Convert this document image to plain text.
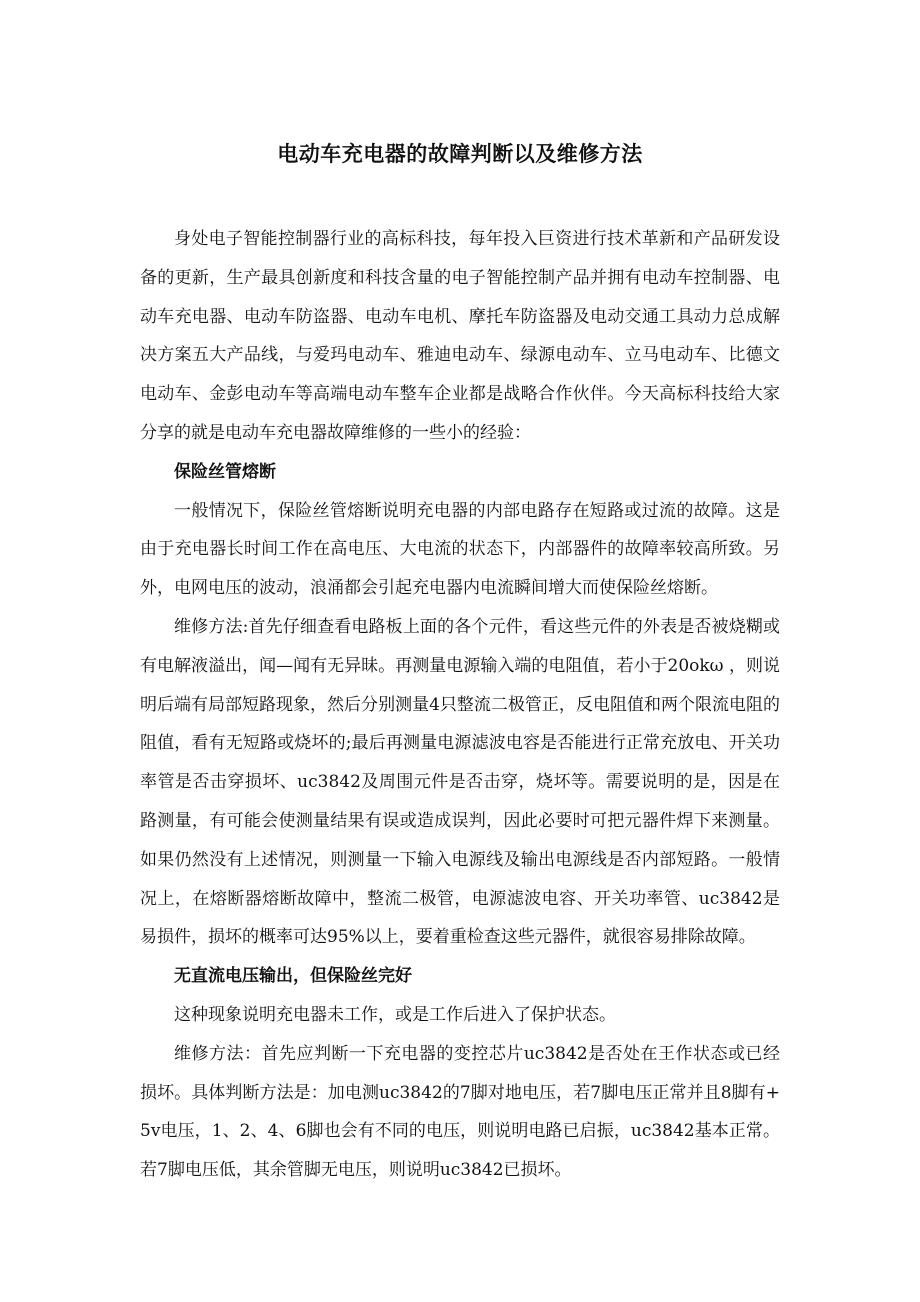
电动车充电器的故障判断以及维修方法

身处电子智能控制器行业的高标科技，每年投入巨资进行技术革新和产品研发设备的更新，生产最具创新度和科技含量的电子智能控制产品并拥有电动车控制器、电动车充电器、电动车防盗器、电动车电机、摩托车防盗器及电动交通工具动力总成解决方案五大产品线，与爱玛电动车、雅迪电动车、绿源电动车、立马电动车、比德文电动车、金彭电动车等高端电动车整车企业都是战略合作伙伴。今天高标科技给大家分享的就是电动车充电器故障维修的一些小的经验：

保险丝管熔断

一般情况下，保险丝管熔断说明充电器的内部电路存在短路或过流的故障。这是由于充电器长时间工作在高电压、大电流的状态下，内部器件的故障率较高所致。另外，电网电压的波动，浪涌都会引起充电器内电流瞬间增大而使保险丝熔断。

维修方法:首先仔细查看电路板上面的各个元件，看这些元件的外表是否被烧糊或有电解液溢出，闻—闻有无异昧。再测量电源输入端的电阻值，若小于20okω ，则说明后端有局部短路现象，然后分别测量4只整流二极管正，反电阻值和两个限流电阻的阻值，看有无短路或烧坏的;最后再测量电源滤波电容是否能进行正常充放电、开关功率管是否击穿损坏、uc3842及周围元件是否击穿，烧坏等。需要说明的是，因是在路测量，有可能会使测量结果有误或造成误判，因此必要时可把元器件焊下来测量。如果仍然没有上述情况，则测量一下输入电源线及输出电源线是否内部短路。一般情况上，在熔断器熔断故障中，整流二极管，电源滤波电容、开关功率管、uc3842是易损件，损坏的概率可达95%以上，要着重检查这些元器件，就很容易排除故障。

无直流电压输出，但保险丝完好

这种现象说明充电器未工作，或是工作后进入了保护状态。

维修方法：首先应判断一下充电器的变控芯片uc3842是否处在王作状态或已经损坏。具体判断方法是：加电测uc3842的7脚对地电压，若7脚电压正常并且8脚有+5v电压，1、2、4、6脚也会有不同的电压，则说明电路已启振，uc3842基本正常。若7脚电压低，其余管脚无电压，则说明uc3842已损坏。
